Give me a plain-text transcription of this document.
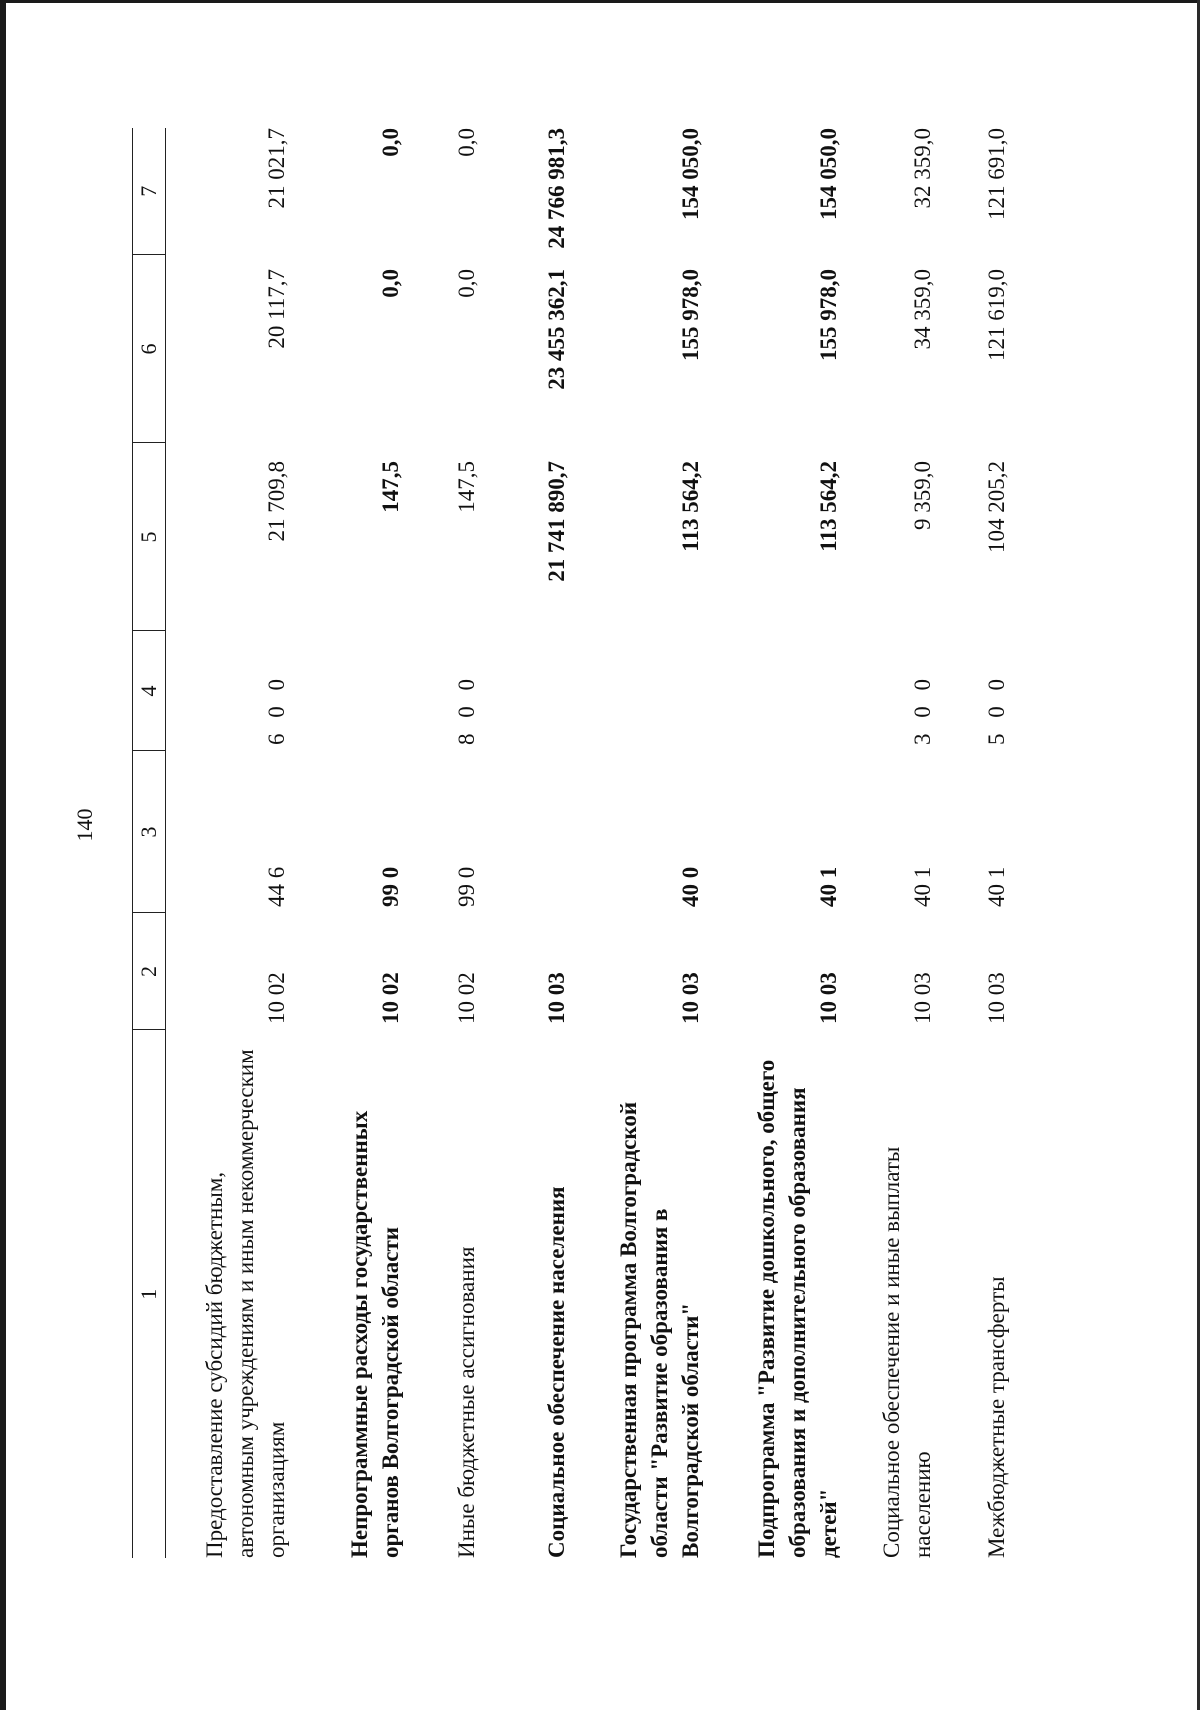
140
1	2	3	4	5	6	7
Предоставление субсидий бюджетным, автономным учреждениям и иным некоммерческим организациям	10 02	44 6	6 0 0	21 709,8	20 117,7	21 021,7
Непрограммные расходы государственных органов Волгоградской области	10 02	99 0		147,5	0,0	0,0
Иные бюджетные ассигнования	10 02	99 0	8 0 0	147,5	0,0	0,0
Социальное обеспечение населения	10 03			21 741 890,7	23 455 362,1	24 766 981,3
Государственная программа Волгоградской области "Развитие образования в Волгоградской области"	10 03	40 0		113 564,2	155 978,0	154 050,0
Подпрограмма "Развитие дошкольного, общего образования и дополнительного образования детей"	10 03	40 1		113 564,2	155 978,0	154 050,0
Социальное обеспечение и иные выплаты населению	10 03	40 1	3 0 0	9 359,0	34 359,0	32 359,0
Межбюджетные трансферты	10 03	40 1	5 0 0	104 205,2	121 619,0	121 691,0
